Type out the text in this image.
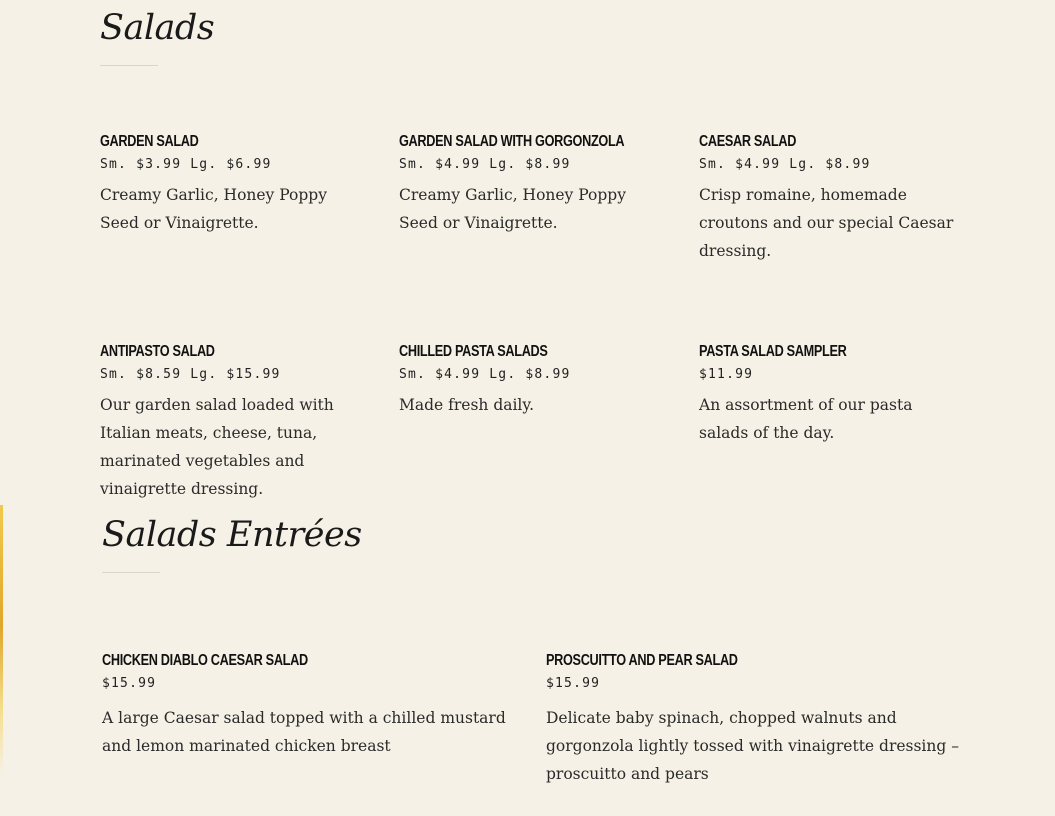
Salads
GARDEN SALAD
Sm. $3.99 Lg. $6.99
Creamy Garlic, Honey Poppy Seed or Vinaigrette.
GARDEN SALAD WITH GORGONZOLA
Sm. $4.99 Lg. $8.99
Creamy Garlic, Honey Poppy Seed or Vinaigrette.
CAESAR SALAD
Sm. $4.99 Lg. $8.99
Crisp romaine, homemade croutons and our special Caesar dressing.
ANTIPASTO SALAD
Sm. $8.59 Lg. $15.99
Our garden salad loaded with Italian meats, cheese, tuna, marinated vegetables and vinaigrette dressing.
CHILLED PASTA SALADS
Sm. $4.99 Lg. $8.99
Made fresh daily.
PASTA SALAD SAMPLER
$11.99
An assortment of our pasta salads of the day.
Salads Entrées
CHICKEN DIABLO CAESAR SALAD
$15.99
A large Caesar salad topped with a chilled mustard and lemon marinated chicken breast
PROSCUITTO AND PEAR SALAD
$15.99
Delicate baby spinach, chopped walnuts and gorgonzola lightly tossed with vinaigrette dressing – proscuitto and pears
